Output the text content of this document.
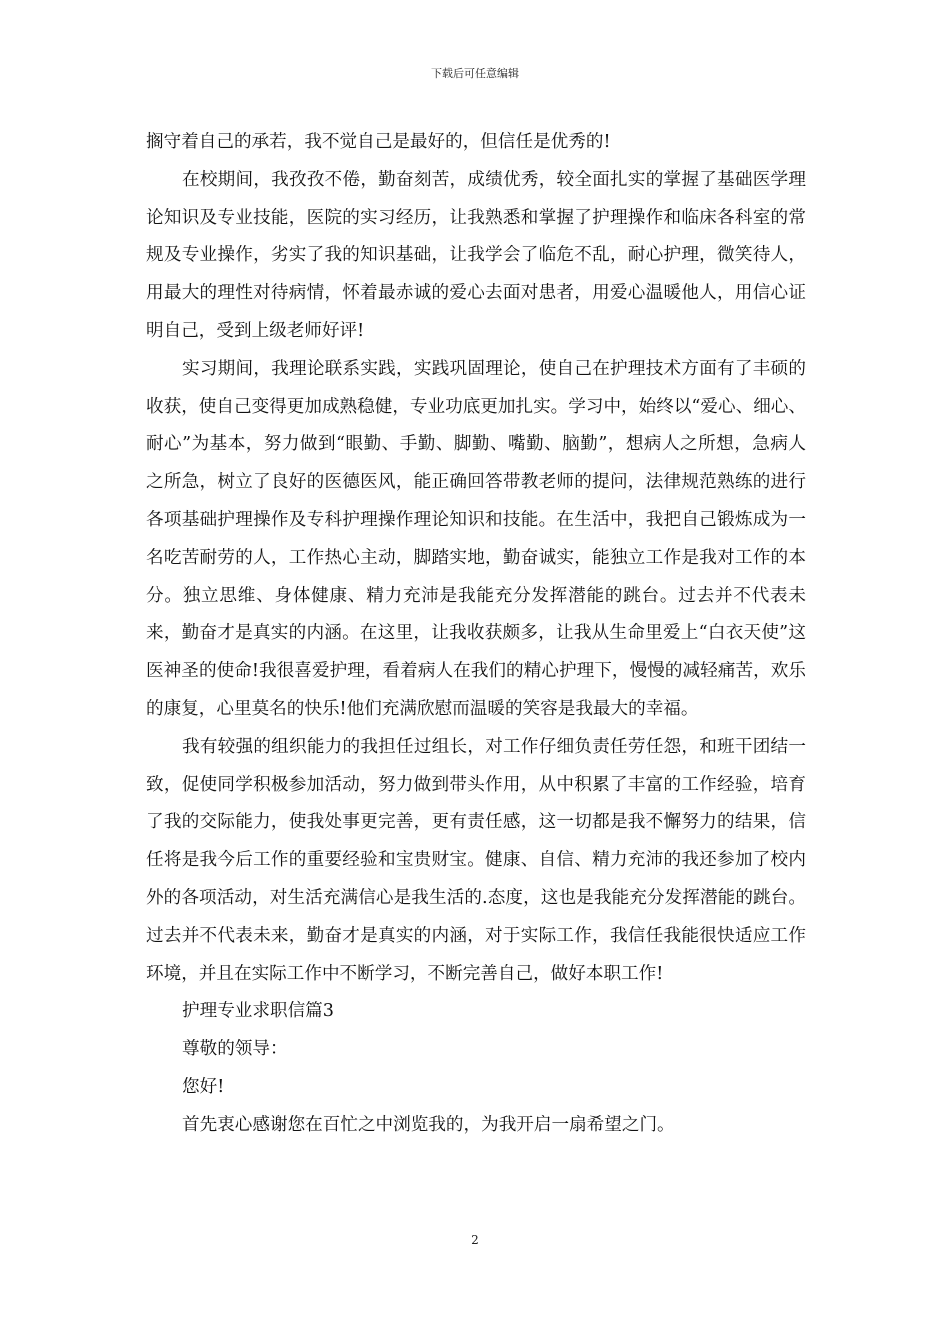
下载后可任意编辑

搁守着自己的承若，我不觉自己是最好的，但信任是优秀的!

在校期间，我孜孜不倦，勤奋刻苦，成绩优秀，较全面扎实的掌握了基础医学理论知识及专业技能，医院的实习经历，让我熟悉和掌握了护理操作和临床各科室的常规及专业操作，劣实了我的知识基础，让我学会了临危不乱，耐心护理，微笑待人，用最大的理性对待病情，怀着最赤诚的爱心去面对患者，用爱心温暖他人，用信心证明自己，受到上级老师好评!

实习期间，我理论联系实践，实践巩固理论，使自己在护理技术方面有了丰硕的收获，使自己变得更加成熟稳健，专业功底更加扎实。学习中，始终以“爱心、细心、耐心”为基本，努力做到“眼勤、手勤、脚勤、嘴勤、脑勤”，想病人之所想，急病人之所急，树立了良好的医德医风，能正确回答带教老师的提问，法律规范熟练的进行各项基础护理操作及专科护理操作理论知识和技能。在生活中，我把自己锻炼成为一名吃苦耐劳的人，工作热心主动，脚踏实地，勤奋诚实，能独立工作是我对工作的本分。独立思维、身体健康、精力充沛是我能充分发挥潜能的跳台。过去并不代表未来，勤奋才是真实的内涵。在这里，让我收获颇多，让我从生命里爱上“白衣天使”这医神圣的使命!我很喜爱护理，看着病人在我们的精心护理下，慢慢的减轻痛苦，欢乐的康复，心里莫名的快乐!他们充满欣慰而温暖的笑容是我最大的幸福。

我有较强的组织能力的我担任过组长，对工作仔细负责任劳任怨，和班干团结一致，促使同学积极参加活动，努力做到带头作用，从中积累了丰富的工作经验，培育了我的交际能力，使我处事更完善，更有责任感，这一切都是我不懈努力的结果，信任将是我今后工作的重要经验和宝贵财宝。健康、自信、精力充沛的我还参加了校内外的各项活动，对生活充满信心是我生活的.态度，这也是我能充分发挥潜能的跳台。过去并不代表未来，勤奋才是真实的内涵，对于实际工作，我信任我能很快适应工作环境，并且在实际工作中不断学习，不断完善自己，做好本职工作!

护理专业求职信篇3

尊敬的领导：

您好!

首先衷心感谢您在百忙之中浏览我的，为我开启一扇希望之门。

2
